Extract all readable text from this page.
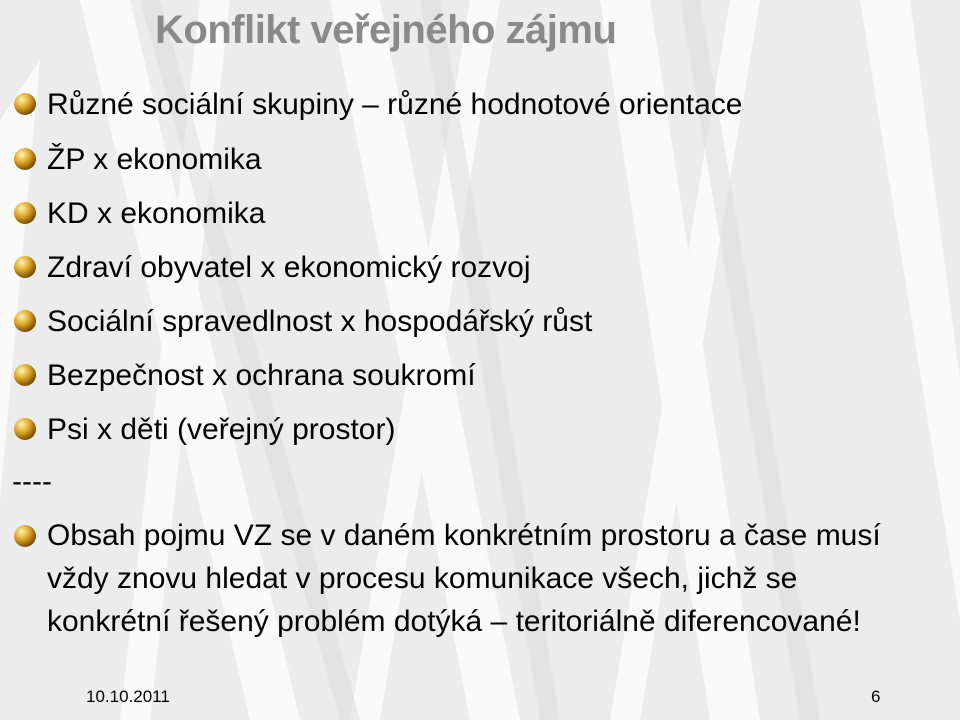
Konflikt veřejného zájmu
Různé sociální skupiny – různé hodnotové orientace
ŽP x ekonomika
KD x ekonomika
Zdraví obyvatel x ekonomický rozvoj
Sociální spravedlnost x hospodářský růst
Bezpečnost x ochrana soukromí
Psi x děti (veřejný prostor)
----
Obsah pojmu VZ se v daném konkrétním prostoru a čase musí vždy znovu hledat v procesu komunikace všech, jichž se konkrétní řešený problém dotýká – teritoriálně diferencované!
10.10.2011	6
